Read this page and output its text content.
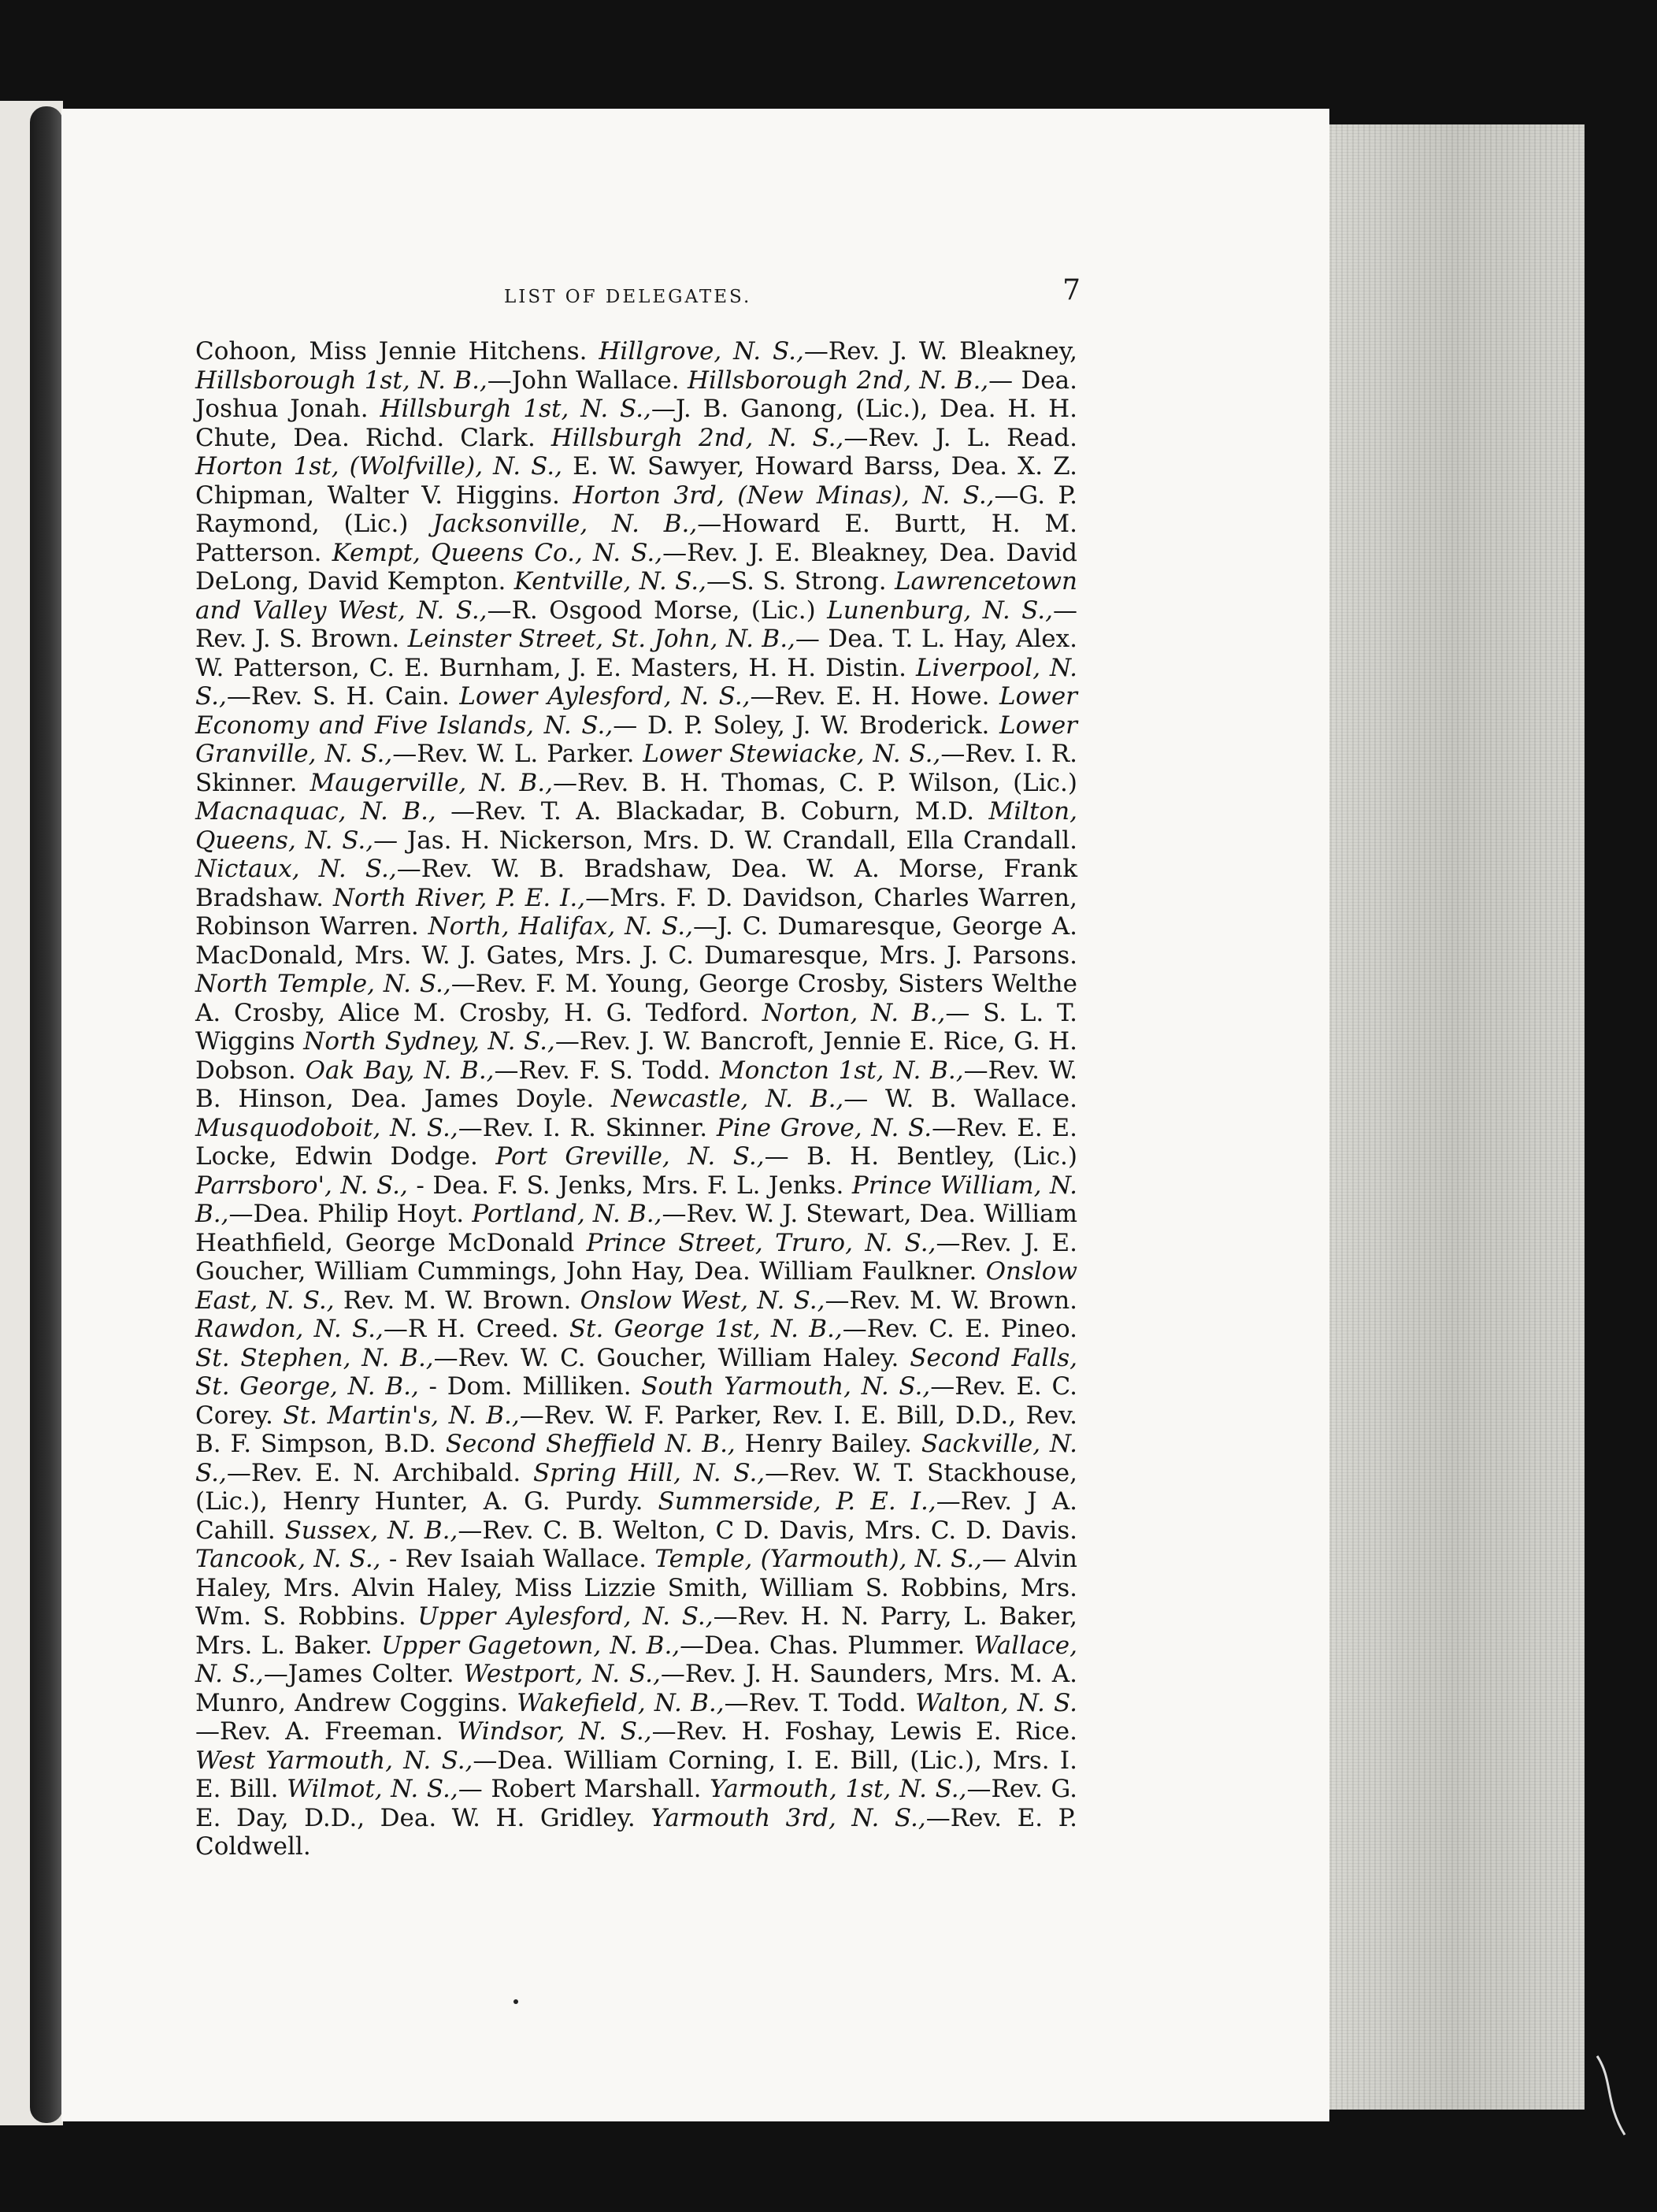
LIST OF DELEGATES.	7

Cohoon, Miss Jennie Hitchens. Hillgrove, N. S.,—Rev. J. W. Bleakney, Hillsborough 1st, N. B.,—John Wallace. Hillsborough 2nd, N. B.,— Dea. Joshua Jonah. Hillsburgh 1st, N. S.,—J. B. Ganong, (Lic.), Dea. H. H. Chute, Dea. Richd. Clark. Hillsburgh 2nd, N. S.,—Rev. J. L. Read. Horton 1st, (Wolfville), N. S., E. W. Sawyer, Howard Barss, Dea. X. Z. Chipman, Walter V. Higgins. Horton 3rd, (New Minas), N. S.,—G. P. Raymond, (Lic.) Jacksonville, N. B.,—Howard E. Burtt, H. M. Patterson. Kempt, Queens Co., N. S.,—Rev. J. E. Bleakney, Dea. David DeLong, David Kempton. Kentville, N. S.,—S. S. Strong. Lawrencetown and Valley West, N. S.,—R. Osgood Morse, (Lic.) Lunenburg, N. S.,—Rev. J. S. Brown. Leinster Street, St. John, N. B.,— Dea. T. L. Hay, Alex. W. Patterson, C. E. Burnham, J. E. Masters, H. H. Distin. Liverpool, N. S.,—Rev. S. H. Cain. Lower Aylesford, N. S.,—Rev. E. H. Howe. Lower Economy and Five Islands, N. S.,— D. P. Soley, J. W. Broderick. Lower Granville, N. S.,—Rev. W. L. Parker. Lower Stewiacke, N. S.,—Rev. I. R. Skinner. Maugerville, N. B.,—Rev. B. H. Thomas, C. P. Wilson, (Lic.) Macnaquac, N. B., —Rev. T. A. Blackadar, B. Coburn, M.D. Milton, Queens, N. S.,— Jas. H. Nickerson, Mrs. D. W. Crandall, Ella Crandall. Nictaux, N. S.,—Rev. W. B. Bradshaw, Dea. W. A. Morse, Frank Bradshaw. North River, P. E. I.,—Mrs. F. D. Davidson, Charles Warren, Robinson Warren. North, Halifax, N. S.,—J. C. Dumaresque, George A. MacDonald, Mrs. W. J. Gates, Mrs. J. C. Dumaresque, Mrs. J. Parsons. North Temple, N. S.,—Rev. F. M. Young, George Crosby, Sisters Welthe A. Crosby, Alice M. Crosby, H. G. Tedford. Norton, N. B.,— S. L. T. Wiggins North Sydney, N. S.,—Rev. J. W. Bancroft, Jennie E. Rice, G. H. Dobson. Oak Bay, N. B.,—Rev. F. S. Todd. Moncton 1st, N. B.,—Rev. W. B. Hinson, Dea. James Doyle. Newcastle, N. B.,— W. B. Wallace. Musquodoboit, N. S.,—Rev. I. R. Skinner. Pine Grove, N. S.—Rev. E. E. Locke, Edwin Dodge. Port Greville, N. S.,— B. H. Bentley, (Lic.) Parrsboro', N. S., - Dea. F. S. Jenks, Mrs. F. L. Jenks. Prince William, N. B.,—Dea. Philip Hoyt. Portland, N. B.,—Rev. W. J. Stewart, Dea. William Heathfield, George McDonald Prince Street, Truro, N. S.,—Rev. J. E. Goucher, William Cummings, John Hay, Dea. William Faulkner. Onslow East, N. S., Rev. M. W. Brown. Onslow West, N. S.,—Rev. M. W. Brown. Rawdon, N. S.,—R H. Creed. St. George 1st, N. B.,—Rev. C. E. Pineo. St. Stephen, N. B.,—Rev. W. C. Goucher, William Haley. Second Falls, St. George, N. B., - Dom. Milliken. South Yarmouth, N. S.,—Rev. E. C. Corey. St. Martin's, N. B.,—Rev. W. F. Parker, Rev. I. E. Bill, D.D., Rev. B. F. Simpson, B.D. Second Sheffield N. B., Henry Bailey. Sackville, N. S.,—Rev. E. N. Archibald. Spring Hill, N. S.,—Rev. W. T. Stackhouse, (Lic.), Henry Hunter, A. G. Purdy. Summerside, P. E. I.,—Rev. J A. Cahill. Sussex, N. B.,—Rev. C. B. Welton, C D. Davis, Mrs. C. D. Davis. Tancook, N. S., - Rev Isaiah Wallace. Temple, (Yarmouth), N. S.,— Alvin Haley, Mrs. Alvin Haley, Miss Lizzie Smith, William S. Robbins, Mrs. Wm. S. Robbins. Upper Aylesford, N. S.,—Rev. H. N. Parry, L. Baker, Mrs. L. Baker. Upper Gagetown, N. B.,—Dea. Chas. Plummer. Wallace, N. S.,—James Colter. Westport, N. S.,—Rev. J. H. Saunders, Mrs. M. A. Munro, Andrew Coggins. Wakefield, N. B.,—Rev. T. Todd. Walton, N. S. —Rev. A. Freeman. Windsor, N. S.,—Rev. H. Foshay, Lewis E. Rice. West Yarmouth, N. S.,—Dea. William Corning, I. E. Bill, (Lic.), Mrs. I. E. Bill. Wilmot, N. S.,— Robert Marshall. Yarmouth, 1st, N. S.,—Rev. G. E. Day, D.D., Dea. W. H. Gridley. Yarmouth 3rd, N. S.,—Rev. E. P. Coldwell.
